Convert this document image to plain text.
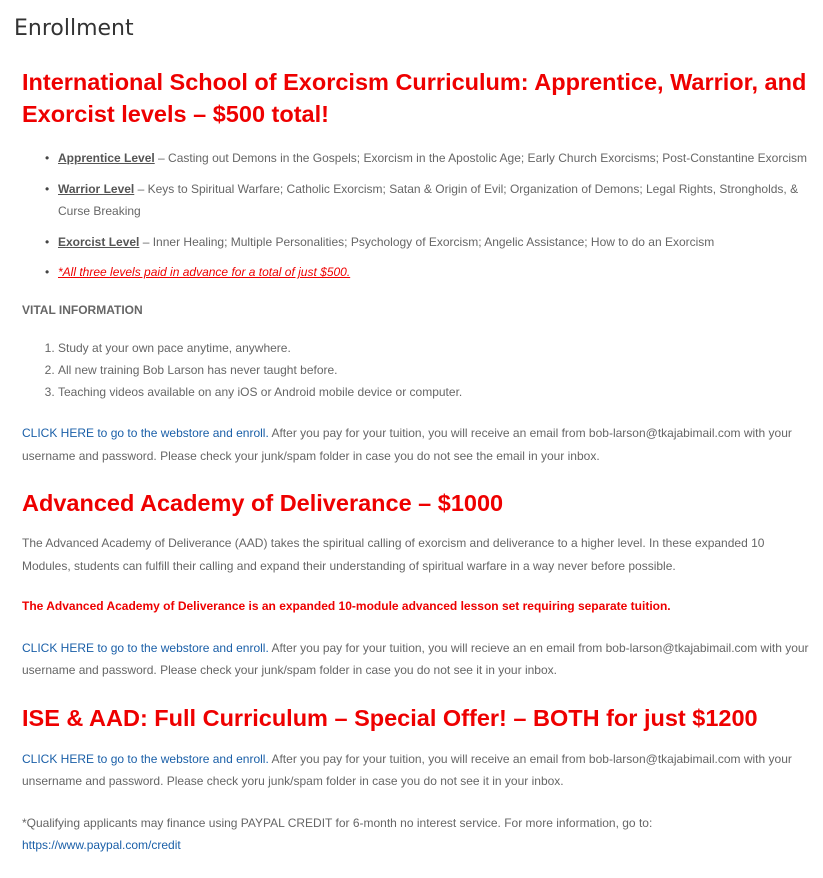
Enrollment
International School of Exorcism Curriculum: Apprentice, Warrior, and Exorcist levels – $500 total!
• Apprentice Level – Casting out Demons in the Gospels; Exorcism in the Apostolic Age; Early Church Exorcisms; Post-Constantine Exorcism
• Warrior Level – Keys to Spiritual Warfare; Catholic Exorcism; Satan & Origin of Evil; Organization of Demons; Legal Rights, Strongholds, & Curse Breaking
• Exorcist Level – Inner Healing; Multiple Personalities; Psychology of Exorcism; Angelic Assistance; How to do an Exorcism
• *All three levels paid in advance for a total of just $500.
VITAL INFORMATION
1. Study at your own pace anytime, anywhere.
2. All new training Bob Larson has never taught before.
3. Teaching videos available on any iOS or Android mobile device or computer.

CLICK HERE to go to the webstore and enroll. After you pay for your tuition, you will receive an email from bob-larson@tkajabimail.com with your username and password. Please check your junk/spam folder in case you do not see the email in your inbox.

Advanced Academy of Deliverance – $1000

The Advanced Academy of Deliverance (AAD) takes the spiritual calling of exorcism and deliverance to a higher level. In these expanded 10 Modules, students can fulfill their calling and expand their understanding of spiritual warfare in a way never before possible.

The Advanced Academy of Deliverance is an expanded 10-module advanced lesson set requiring separate tuition.

CLICK HERE to go to the webstore and enroll. After you pay for your tuition, you will recieve an en email from bob-larson@tkajabimail.com with your username and password. Please check your junk/spam folder in case you do not see it in your inbox.

ISE & AAD: Full Curriculum – Special Offer! – BOTH for just $1200

CLICK HERE to go to the webstore and enroll. After you pay for your tuition, you will receive an email from bob-larson@tkajabimail.com with your unsername and password. Please check yoru junk/spam folder in case you do not see it in your inbox.

*Qualifying applicants may finance using PAYPAL CREDIT for 6-month no interest service. For more information, go to:
https://www.paypal.com/credit
